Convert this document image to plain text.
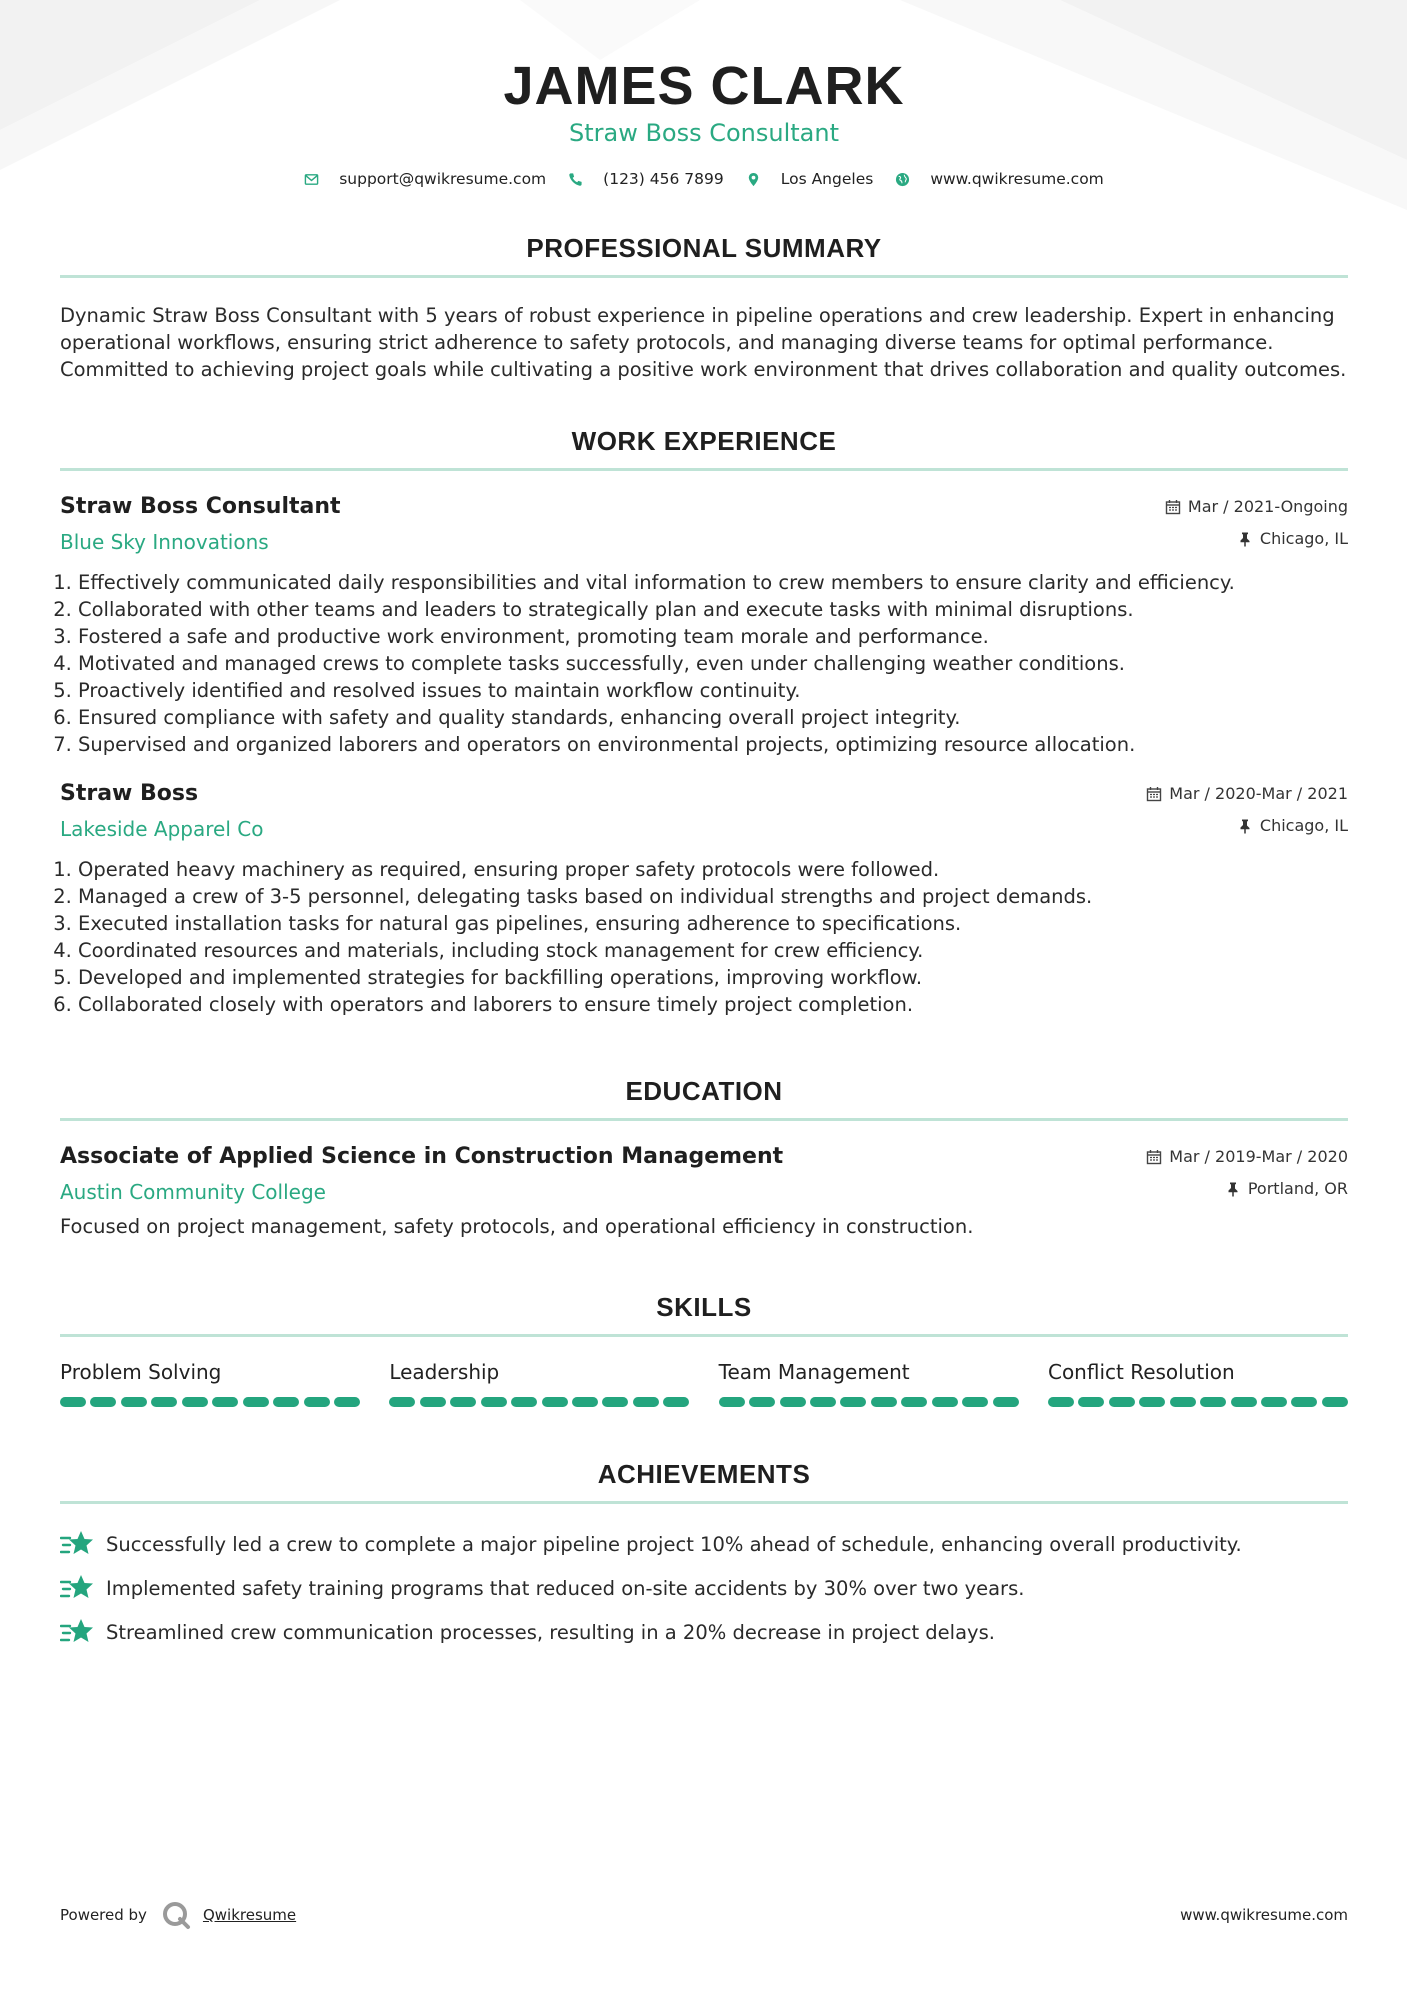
JAMES CLARK
Straw Boss Consultant
support@qwikresume.com	(123) 456 7899	Los Angeles	www.qwikresume.com
PROFESSIONAL SUMMARY
Dynamic Straw Boss Consultant with 5 years of robust experience in pipeline operations and crew leadership. Expert in enhancing operational workflows, ensuring strict adherence to safety protocols, and managing diverse teams for optimal performance. Committed to achieving project goals while cultivating a positive work environment that drives collaboration and quality outcomes.
WORK EXPERIENCE
Straw Boss Consultant
Blue Sky Innovations
Mar / 2021-Ongoing
Chicago, IL
1. Effectively communicated daily responsibilities and vital information to crew members to ensure clarity and efficiency.
2. Collaborated with other teams and leaders to strategically plan and execute tasks with minimal disruptions.
3. Fostered a safe and productive work environment, promoting team morale and performance.
4. Motivated and managed crews to complete tasks successfully, even under challenging weather conditions.
5. Proactively identified and resolved issues to maintain workflow continuity.
6. Ensured compliance with safety and quality standards, enhancing overall project integrity.
7. Supervised and organized laborers and operators on environmental projects, optimizing resource allocation.
Straw Boss
Lakeside Apparel Co
Mar / 2020-Mar / 2021
Chicago, IL
1. Operated heavy machinery as required, ensuring proper safety protocols were followed.
2. Managed a crew of 3-5 personnel, delegating tasks based on individual strengths and project demands.
3. Executed installation tasks for natural gas pipelines, ensuring adherence to specifications.
4. Coordinated resources and materials, including stock management for crew efficiency.
5. Developed and implemented strategies for backfilling operations, improving workflow.
6. Collaborated closely with operators and laborers to ensure timely project completion.
EDUCATION
Associate of Applied Science in Construction Management
Austin Community College
Mar / 2019-Mar / 2020
Portland, OR
Focused on project management, safety protocols, and operational efficiency in construction.
SKILLS
Problem Solving	Leadership	Team Management	Conflict Resolution
ACHIEVEMENTS
Successfully led a crew to complete a major pipeline project 10% ahead of schedule, enhancing overall productivity.
Implemented safety training programs that reduced on-site accidents by 30% over two years.
Streamlined crew communication processes, resulting in a 20% decrease in project delays.
Powered by	Qwikresume	www.qwikresume.com
